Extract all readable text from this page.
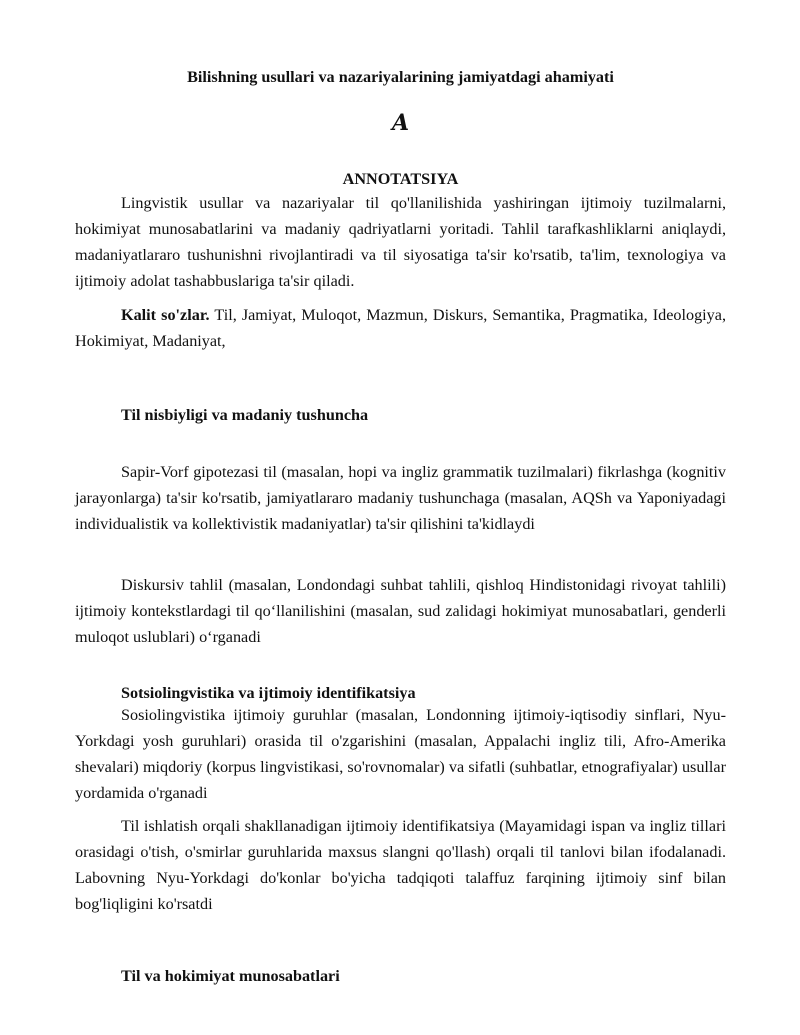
Bilishning usullari va nazariyalarining jamiyatdagi ahamiyati
A
ANNOTATSIYA
Lingvistik usullar va nazariyalar til qo'llanilishida yashiringan ijtimoiy tuzilmalarni, hokimiyat munosabatlarini va madaniy qadriyatlarni yoritadi. Tahlil tarafkashliklarni aniqlaydi, madaniyatlararo tushunishni rivojlantiradi va til siyosatiga ta'sir ko'rsatib, ta'lim, texnologiya va ijtimoiy adolat tashabbuslariga ta'sir qiladi.
Kalit so'zlar. Til, Jamiyat, Muloqot, Mazmun, Diskurs, Semantika, Pragmatika, Ideologiya, Hokimiyat, Madaniyat,
Til nisbiyligi va madaniy tushuncha
Sapir-Vorf gipotezasi til (masalan, hopi va ingliz grammatik tuzilmalari) fikrlashga (kognitiv jarayonlarga) ta'sir ko'rsatib, jamiyatlararo madaniy tushunchaga (masalan, AQSh va Yaponiyadagi individualistik va kollektivistik madaniyatlar) ta'sir qilishini ta'kidlaydi
Diskursiv tahlil (masalan, Londondagi suhbat tahlili, qishloq Hindistonidagi rivoyat tahlili) ijtimoiy kontekstlardagi til qo‘llanilishini (masalan, sud zalidagi hokimiyat munosabatlari, genderli muloqot uslublari) o‘rganadi
Sotsiolingvistika va ijtimoiy identifikatsiya
Sosiolingvistika ijtimoiy guruhlar (masalan, Londonning ijtimoiy-iqtisodiy sinflari, Nyu-Yorkdagi yosh guruhlari) orasida til o'zgarishini (masalan, Appalachi ingliz tili, Afro-Amerika shevalari) miqdoriy (korpus lingvistikasi, so'rovnomalar) va sifatli (suhbatlar, etnografiyalar) usullar yordamida o'rganadi
Til ishlatish orqali shakllanadigan ijtimoiy identifikatsiya (Mayamidagi ispan va ingliz tillari orasidagi o'tish, o'smirlar guruhlarida maxsus slangni qo'llash) orqali til tanlovi bilan ifodalanadi. Labovning Nyu-Yorkdagi do'konlar bo'yicha tadqiqoti talaffuz farqining ijtimoiy sinf bilan bog'liqligini ko'rsatdi
Til va hokimiyat munosabatlari
